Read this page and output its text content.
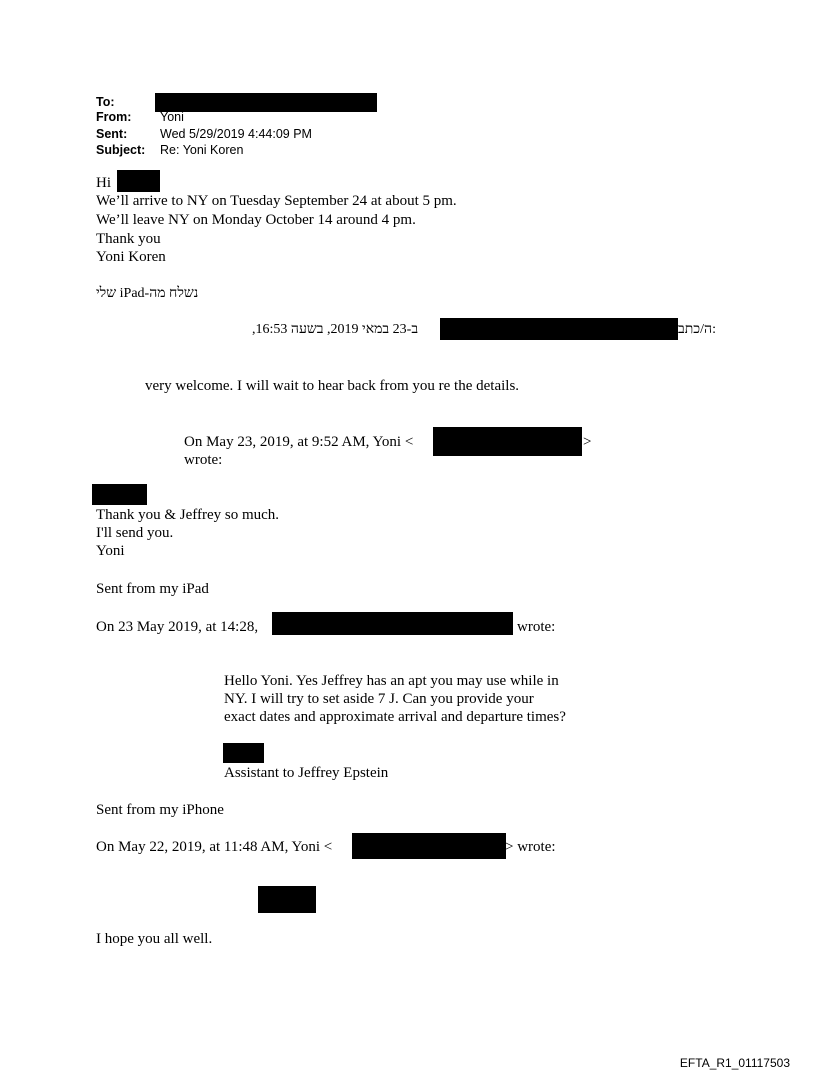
To:
From: Yoni
Sent:	Wed 5/29/2019 4:44:09 PM
Subject: Re: Yoni Koren
Hi
We’ll arrive to NY on Tuesday September 24 at about 5 pm.
We’ll leave NY on Monday October 14 around 4 pm.
Thank you
Yoni Koren
נשלח מה-iPad שלי
ב-23 במאי 2019, בשעה 16:53,	:ה/כתב
very welcome. I will wait to hear back from you re the details.
On May 23, 2019, at 9:52 AM, Yoni <	>
wrote:
Thank you & Jeffrey so much.
I'll send you.
Yoni
Sent from my iPad
On 23 May 2019, at 14:28,	wrote:
Hello Yoni. Yes Jeffrey has an apt you may use while in
NY. I will try to set aside 7 J. Can you provide your
exact dates and approximate arrival and departure times?
Assistant to Jeffrey Epstein
Sent from my iPhone
On May 22, 2019, at 11:48 AM, Yoni <	> wrote:
I hope you all well.
EFTA_R1_01117503
